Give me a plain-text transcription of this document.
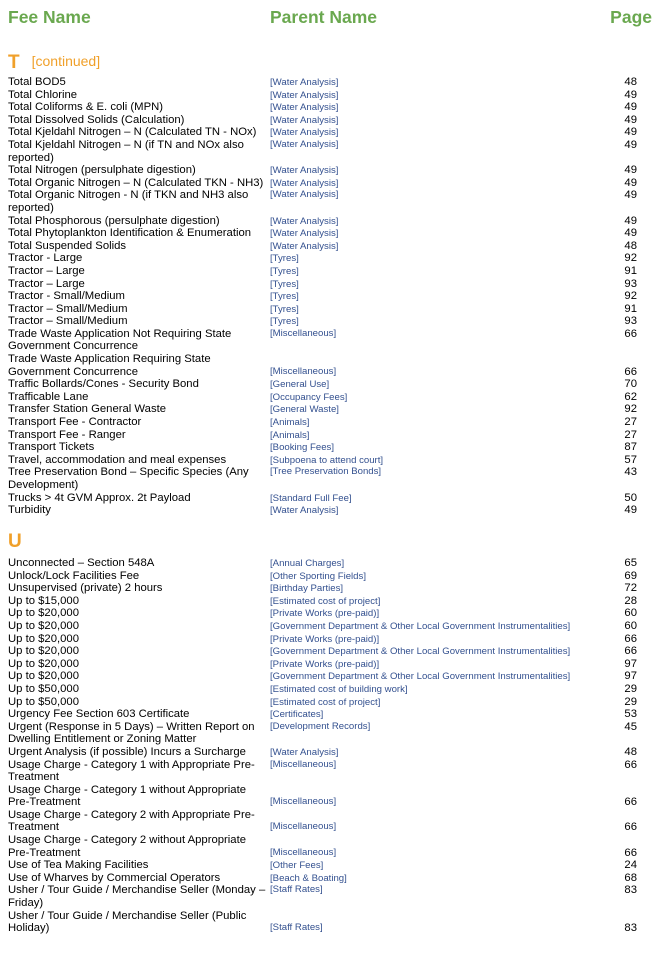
Fee Name	Parent Name	Page
T [continued]
Total BOD5	[Water Analysis]	48
Total Chlorine	[Water Analysis]	49
Total Coliforms & E. coli (MPN)	[Water Analysis]	49
Total Dissolved Solids (Calculation)	[Water Analysis]	49
Total Kjeldahl Nitrogen – N (Calculated TN - NOx)	[Water Analysis]	49
Total Kjeldahl Nitrogen – N (if TN and NOx also reported)
[Water Analysis]	49
Total Nitrogen (persulphate digestion)	[Water Analysis]	49
Total Organic Nitrogen – N (Calculated TKN - NH3) [Water Analysis]	49
Total Organic Nitrogen - N (if TKN and NH3 also reported)
[Water Analysis]	49
Total Phosphorous (persulphate digestion)	[Water Analysis]	49
Total Phytoplankton Identification & Enumeration	[Water Analysis]	49
Total Suspended Solids	[Water Analysis]	48
Tractor - Large	[Tyres]	92
Tractor – Large	[Tyres]	91
Tractor – Large	[Tyres]	93
Tractor - Small/Medium	[Tyres]	92
Tractor – Small/Medium	[Tyres]	91
Tractor – Small/Medium	[Tyres]	93
Trade Waste Application Not Requiring State Government Concurrence
[Miscellaneous]	66
Trade Waste Application Requiring State Government Concurrence	[Miscellaneous]	66
Traffic Bollards/Cones - Security Bond	[General Use]	70
Trafficable Lane	[Occupancy Fees]	62
Transfer Station General Waste	[General Waste]	92
Transport Fee - Contractor	[Animals]	27
Transport Fee - Ranger	[Animals]	27
Transport Tickets	[Booking Fees]	87
Travel, accommodation and meal expenses	[Subpoena to attend court]	57
Tree Preservation Bond – Specific Species (Any Development)
[Tree Preservation Bonds]	43
Trucks > 4t GVM Approx. 2t Payload	[Standard Full Fee]	50
Turbidity	[Water Analysis]	49
U
Unconnected – Section 548A	[Annual Charges]	65
Unlock/Lock Facilities Fee	[Other Sporting Fields]	69
Unsupervised (private) 2 hours	[Birthday Parties]	72
Up to $15,000	[Estimated cost of project]	28
Up to $20,000	[Private Works (pre-paid)]	60
Up to $20,000	[Government Department & Other Local Government Instrumentalities]	60
Up to $20,000	[Private Works (pre-paid)]	66
Up to $20,000	[Government Department & Other Local Government Instrumentalities]	66
Up to $20,000	[Private Works (pre-paid)]	97
Up to $20,000	[Government Department & Other Local Government Instrumentalities]	97
Up to $50,000	[Estimated cost of building work]	29
Up to $50,000	[Estimated cost of project]	29
Urgency Fee Section 603 Certificate	[Certificates]	53
Urgent (Response in 5 Days) – Written Report on Dwelling Entitlement or Zoning Matter
[Development Records]	45
Urgent Analysis (if possible) Incurs a Surcharge	[Water Analysis]	48
Usage Charge - Category 1 with Appropriate Pre-Treatment
[Miscellaneous]	66
Usage Charge - Category 1 without Appropriate Pre-Treatment	[Miscellaneous]	66
Usage Charge - Category 2 with Appropriate Pre-Treatment	[Miscellaneous]	66
Usage Charge - Category 2 without Appropriate Pre-Treatment	[Miscellaneous]	66
Use of Tea Making Facilities	[Other Fees]	24
Use of Wharves by Commercial Operators	[Beach & Boating]	68
Usher / Tour Guide / Merchandise Seller (Monday – Friday)
[Staff Rates]	83
Usher / Tour Guide / Merchandise Seller (Public Holiday)	[Staff Rates]	83
